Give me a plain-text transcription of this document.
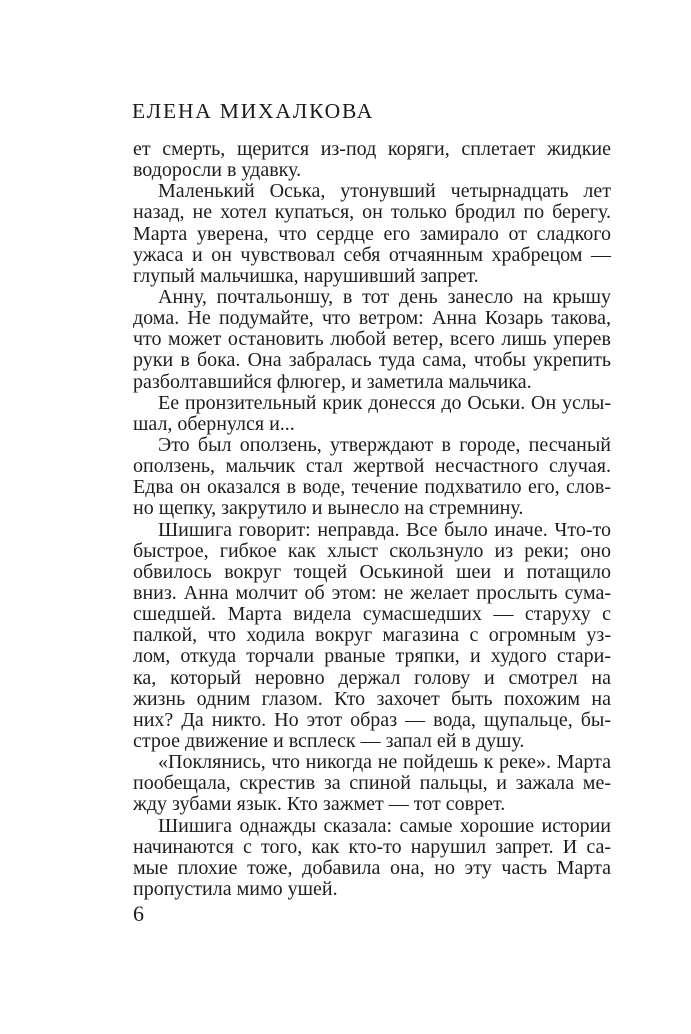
ЕЛЕНА МИХАЛКОВА
ет смерть, щерится из-под коряги, сплетает жидкие
водоросли в удавку.
Маленький Оська, утонувший четырнадцать лет
назад, не хотел купаться, он только бродил по берегу.
Марта уверена, что сердце его замирало от сладкого
ужаса и он чувствовал себя отчаянным храбрецом —
глупый мальчишка, нарушивший запрет.
Анну, почтальоншу, в тот день занесло на крышу
дома. Не подумайте, что ветром: Анна Козарь такова,
что может остановить любой ветер, всего лишь уперев
руки в бока. Она забралась туда сама, чтобы укрепить
разболтавшийся флюгер, и заметила мальчика.
Ее пронзительный крик донесся до Оськи. Он услы-
шал, обернулся и...
Это был оползень, утверждают в городе, песчаный
оползень, мальчик стал жертвой несчастного случая.
Едва он оказался в воде, течение подхватило его, слов-
но щепку, закрутило и вынесло на стремнину.
Шишига говорит: неправда. Все было иначе. Что-то
быстрое, гибкое как хлыст скользнуло из реки; оно
обвилось вокруг тощей Оськиной шеи и потащило
вниз. Анна молчит об этом: не желает прослыть сума-
сшедшей. Марта видела сумасшедших — старуху с
палкой, что ходила вокруг магазина с огромным уз-
лом, откуда торчали рваные тряпки, и худого стари-
ка, который неровно держал голову и смотрел на
жизнь одним глазом. Кто захочет быть похожим на
них? Да никто. Но этот образ — вода, щупальце, бы-
строе движение и всплеск — запал ей в душу.
«Поклянись, что никогда не пойдешь к реке». Марта
пообещала, скрестив за спиной пальцы, и зажала ме-
жду зубами язык. Кто зажмет — тот соврет.
Шишига однажды сказала: самые хорошие истории
начинаются с того, как кто-то нарушил запрет. И са-
мые плохие тоже, добавила она, но эту часть Марта
пропустила мимо ушей.
6
